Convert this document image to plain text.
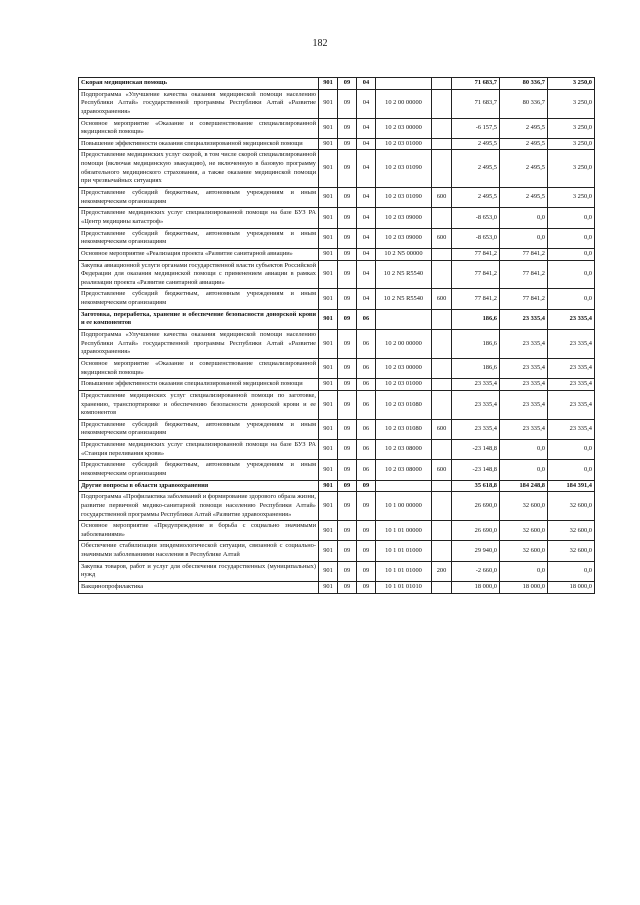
182
Скорая медицинская помощь	901	09	04			71 683,7	80 336,7	3 250,0
Подпрограмма «Улучшение качества оказания медицинской помощи населению Республики Алтай» государственной программы Республики Алтай «Развитие здравоохранения»	901	09	04	10 2 00 00000		71 683,7	80 336,7	3 250,0
Основное мероприятие «Оказание и совершенствование специализированной медицинской помощи»	901	09	04	10 2 03 00000		-6 157,5	2 495,5	3 250,0
Повышение эффективности оказания специализированной медицинской помощи	901	09	04	10 2 03 01000		2 495,5	2 495,5	3 250,0
Предоставление медицинских услуг скорой, в том числе скорой специализированной помощи (включая медицинскую эвакуацию), не включенную в базовую программу обязательного медицинского страхования, а также оказание медицинской помощи при чрезвычайных ситуациях	901	09	04	10 2 03 01090		2 495,5	2 495,5	3 250,0
Предоставление субсидий бюджетным, автономным учреждениям и иным некоммерческим организациям	901	09	04	10 2 03 01090	600	2 495,5	2 495,5	3 250,0
Предоставление медицинских услуг специализированной помощи на базе БУЗ РА «Центр медицины катастроф»	901	09	04	10 2 03 09000		-8 653,0	0,0	0,0
Предоставление субсидий бюджетным, автономным учреждениям и иным некоммерческим организациям	901	09	04	10 2 03 09000	600	-8 653,0	0,0	0,0
Основное мероприятие «Реализация проекта «Развитие санитарной авиации»	901	09	04	10 2 N5 00000		77 841,2	77 841,2	0,0
Закупка авиационной услуги органами государственной власти субъектов Российской Федерации для оказания медицинской помощи с применением авиации в рамках реализации проекта «Развитие санитарной авиации»	901	09	04	10 2 N5 R5540		77 841,2	77 841,2	0,0
Предоставление субсидий бюджетным, автономным учреждениям и иным некоммерческим организациям	901	09	04	10 2 N5 R5540	600	77 841,2	77 841,2	0,0
Заготовка, переработка, хранение и обеспечение безопасности донорской крови и ее компонентов	901	09	06			186,6	23 335,4	23 335,4
Подпрограмма «Улучшение качества оказания медицинской помощи населению Республики Алтай» государственной программы Республики Алтай «Развитие здравоохранения»	901	09	06	10 2 00 00000		186,6	23 335,4	23 335,4
Основное мероприятие «Оказание и совершенствование специализированной медицинской помощи»	901	09	06	10 2 03 00000		186,6	23 335,4	23 335,4
Повышение эффективности оказания специализированной медицинской помощи	901	09	06	10 2 03 01000		23 335,4	23 335,4	23 335,4
Предоставление медицинских услуг специализированной помощи по заготовке, хранению, транспортировке и обеспечению безопасности донорской крови и ее компонентов	901	09	06	10 2 03 01080		23 335,4	23 335,4	23 335,4
Предоставление субсидий бюджетным, автономным учреждениям и иным некоммерческим организациям	901	09	06	10 2 03 01080	600	23 335,4	23 335,4	23 335,4
Предоставление медицинских услуг специализированной помощи на базе БУЗ РА «Станция переливания крови»	901	09	06	10 2 03 08000		-23 148,8	0,0	0,0
Предоставление субсидий бюджетным, автономным учреждениям и иным некоммерческим организациям	901	09	06	10 2 03 08000	600	-23 148,8	0,0	0,0
Другие вопросы в области здравоохранения	901	09	09			35 618,8	184 248,8	184 391,4
Подпрограмма «Профилактика заболеваний и формирование здорового образа жизни, развитие первичной медико-санитарной помощи населению Республики Алтай» государственной программы Республики Алтай «Развитие здравоохранения»	901	09	09	10 1 00 00000		26 690,0	32 600,0	32 600,0
Основное мероприятие «Предупреждение и борьба с социально значимыми заболеваниями»	901	09	09	10 1 01 00000		26 690,0	32 600,0	32 600,0
Обеспечение стабилизации эпидемиологической ситуации, связанной с социально-значимыми заболеваниями населения в Республике Алтай	901	09	09	10 1 01 01000		29 940,0	32 600,0	32 600,0
Закупка товаров, работ и услуг для обеспечения государственных (муниципальных) нужд	901	09	09	10 1 01 01000	200	-2 660,0	0,0	0,0
Вакцинопрофилактика	901	09	09	10 1 01 01010		18 000,0	18 000,0	18 000,0
